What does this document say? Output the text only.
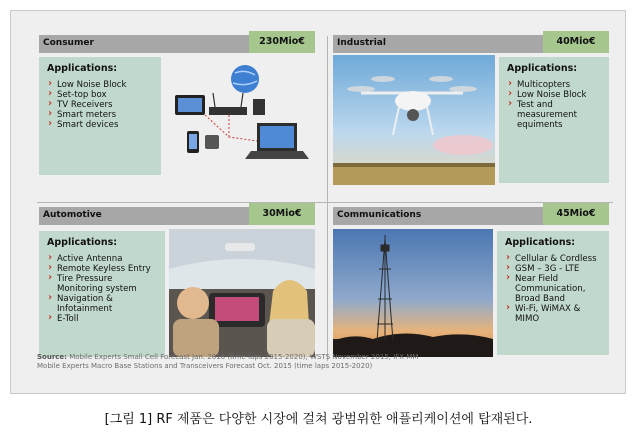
Consumer	230Mio€
Applications:
› Low Noise Block
› Set-top box
› TV Receivers
› Smart meters
› Smart devices
Industrial	40Mio€
Applications:
› Multicopters
› Low Noise Block
› Test and
measurement
equiments
Automotive	30Mio€
Applications:
› Active Antenna
› Remote Keyless Entry
› Tire Pressure
Monitoring system
› Navigation &
Infotainment
› E-Toll
Communications	45Mio€
Applications:
› Cellular & Cordless
› GSM – 3G - LTE
› Near Field
Communication,
Broad Band
› Wi-Fi, WiMAX &
MIMO
Source: Mobile Experts Small Cell Forecast Jan. 2016 (time laps 2015-2020), WSTS November 2015, IFX MM
Mobile Experts Macro Base Stations and Transceivers Forecast Oct. 2015 (time laps 2015-2020)
[그림 1] RF 제품은 다양한 시장에 걸쳐 광범위한 애플리케이션에 탑재된다.
